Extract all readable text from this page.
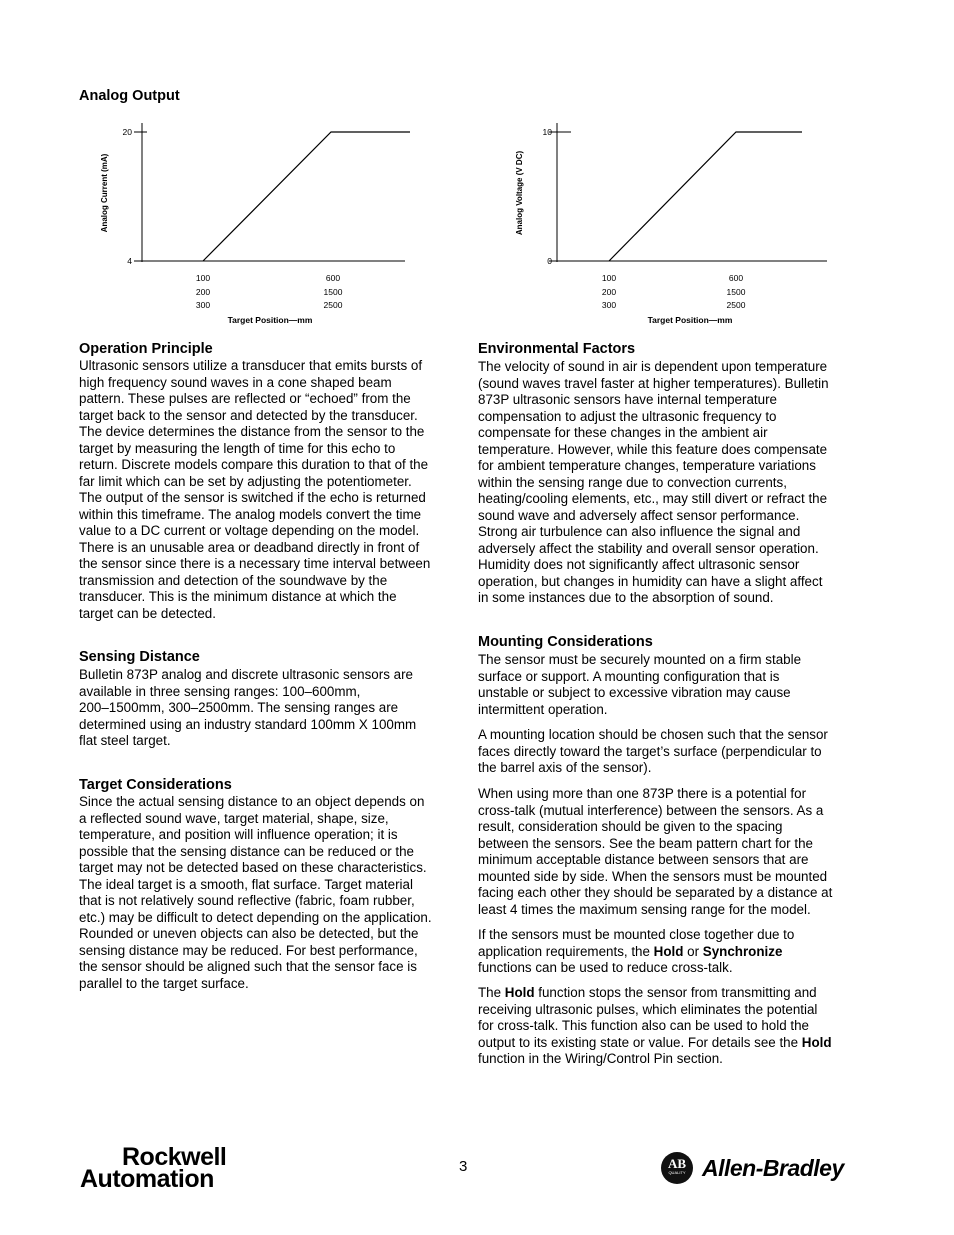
Analog Output
20
4
Analog Current (mA)
100
200
300
600
1500
2500
Target Position—mm
10
0
Analog Voltage (V DC)
100
200
300
600
1500
2500
Target Position—mm
Operation Principle
Ultrasonic sensors utilize a transducer that emits bursts of
high frequency sound waves in a cone shaped beam
pattern. These pulses are reflected or “echoed” from the
target back to the sensor and detected by the transducer.
The device determines the distance from the sensor to the
target by measuring the length of time for this echo to
return. Discrete models compare this duration to that of the
far limit which can be set by adjusting the potentiometer.
The output of the sensor is switched if the echo is returned
within this timeframe. The analog models convert the time
value to a DC current or voltage depending on the model.
There is an unusable area or deadband directly in front of
the sensor since there is a necessary time interval between
transmission and detection of the soundwave by the
transducer. This is the minimum distance at which the
target can be detected.
Sensing Distance
Bulletin 873P analog and discrete ultrasonic sensors are
available in three sensing ranges: 100–600mm,
200–1500mm, 300–2500mm. The sensing ranges are
determined using an industry standard 100mm X 100mm
flat steel target.
Target Considerations
Since the actual sensing distance to an object depends on
a reflected sound wave, target material, shape, size,
temperature, and position will influence operation; it is
possible that the sensing distance can be reduced or the
target may not be detected based on these characteristics.
The ideal target is a smooth, flat surface. Target material
that is not relatively sound reflective (fabric, foam rubber,
etc.) may be difficult to detect depending on the application.
Rounded or uneven objects can also be detected, but the
sensing distance may be reduced. For best performance,
the sensor should be aligned such that the sensor face is
parallel to the target surface.
Environmental Factors
The velocity of sound in air is dependent upon temperature
(sound waves travel faster at higher temperatures). Bulletin
873P ultrasonic sensors have internal temperature
compensation to adjust the ultrasonic frequency to
compensate for these changes in the ambient air
temperature. However, while this feature does compensate
for ambient temperature changes, temperature variations
within the sensing range due to convection currents,
heating/cooling elements, etc., may still divert or refract the
sound wave and adversely affect sensor performance.
Strong air turbulence can also influence the signal and
adversely affect the stability and overall sensor operation.
Humidity does not significantly affect ultrasonic sensor
operation, but changes in humidity can have a slight affect
in some instances due to the absorption of sound.
Mounting Considerations
The sensor must be securely mounted on a firm stable
surface or support. A mounting configuration that is
unstable or subject to excessive vibration may cause
intermittent operation.
A mounting location should be chosen such that the sensor
faces directly toward the target’s surface (perpendicular to
the barrel axis of the sensor).
When using more than one 873P there is a potential for
cross-talk (mutual interference) between the sensors. As a
result, consideration should be given to the spacing
between the sensors. See the beam pattern chart for the
minimum acceptable distance between sensors that are
mounted side by side. When the sensors must be mounted
facing each other they should be separated by a distance at
least 4 times the maximum sensing range for the model.
If the sensors must be mounted close together due to
application requirements, the Hold or Synchronize
functions can be used to reduce cross-talk.
The Hold function stops the sensor from transmitting and
receiving ultrasonic pulses, which eliminates the potential
for cross-talk. This function also can be used to hold the
output to its existing state or value. For details see the Hold
function in the Wiring/Control Pin section.
Rockwell
Automation	3	AB
QUALITY Allen-Bradley
